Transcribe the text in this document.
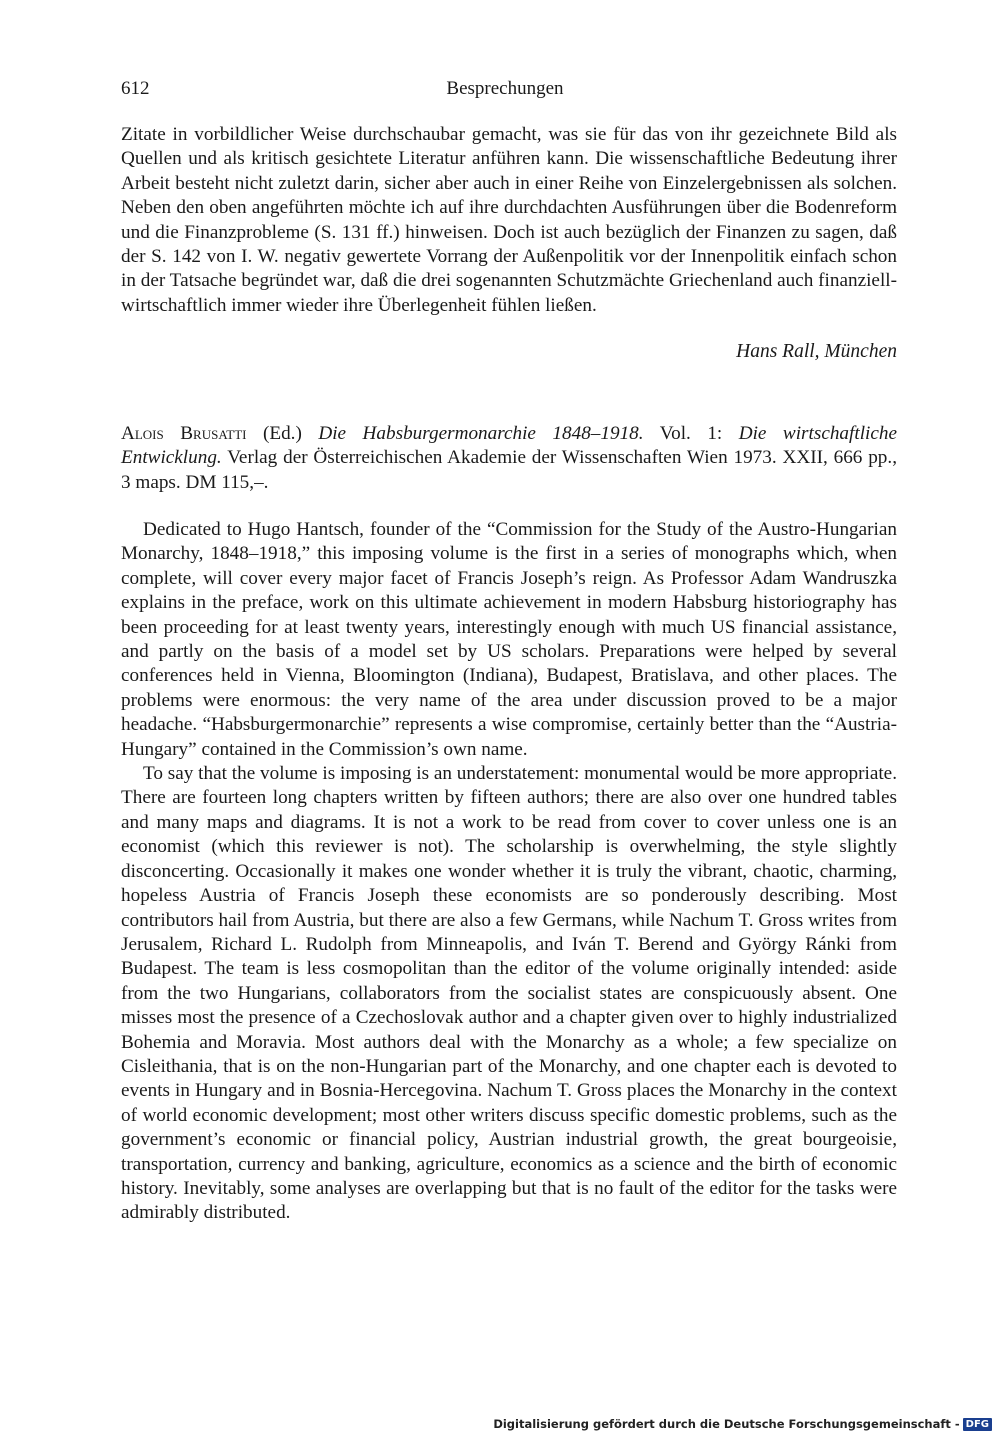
612	Besprechungen

Zitate in vorbildlicher Weise durchschaubar gemacht, was sie für das von ihr gezeichnete Bild als Quellen und als kritisch gesichtete Literatur anführen kann. Die wissenschaftliche Bedeutung ihrer Arbeit besteht nicht zuletzt darin, sicher aber auch in einer Reihe von Einzelergebnissen als solchen. Neben den oben angeführten möchte ich auf ihre durchdachten Ausführungen über die Bodenreform und die Finanzprobleme (S. 131 ff.) hinweisen. Doch ist auch bezüglich der Finanzen zu sagen, daß der S. 142 von I. W. negativ gewertete Vorrang der Außenpolitik vor der Innenpolitik einfach schon in der Tatsache begründet war, daß die drei sogenannten Schutzmächte Griechenland auch finanziell-wirtschaftlich immer wieder ihre Überlegenheit fühlen ließen.

Hans Rall, München

Alois Brusatti (Ed.) Die Habsburgermonarchie 1848–1918. Vol. 1: Die wirtschaftliche Entwicklung. Verlag der Österreichischen Akademie der Wissenschaften Wien 1973. XXII, 666 pp., 3 maps. DM 115,–.

Dedicated to Hugo Hantsch, founder of the “Commission for the Study of the Austro-Hungarian Monarchy, 1848–1918,” this imposing volume is the first in a series of monographs which, when complete, will cover every major facet of Francis Joseph’s reign. As Professor Adam Wandruszka explains in the preface, work on this ultimate achievement in modern Habsburg historiography has been proceeding for at least twenty years, interestingly enough with much US financial assistance, and partly on the basis of a model set by US scholars. Preparations were helped by several conferences held in Vienna, Bloomington (Indiana), Budapest, Bratislava, and other places. The problems were enormous: the very name of the area under discussion proved to be a major headache. “Habsburgermonarchie” represents a wise compromise, certainly better than the “Austria-Hungary” contained in the Commission’s own name.

To say that the volume is imposing is an understatement: monumental would be more appropriate. There are fourteen long chapters written by fifteen authors; there are also over one hundred tables and many maps and diagrams. It is not a work to be read from cover to cover unless one is an economist (which this reviewer is not). The scholarship is overwhelming, the style slightly disconcerting. Occasionally it makes one wonder whether it is truly the vibrant, chaotic, charming, hopeless Austria of Francis Joseph these economists are so ponderously describing. Most contributors hail from Austria, but there are also a few Germans, while Nachum T. Gross writes from Jerusalem, Richard L. Rudolph from Minneapolis, and Iván T. Berend and György Ránki from Budapest. The team is less cosmopolitan than the editor of the volume originally intended: aside from the two Hungarians, collaborators from the socialist states are conspicuously absent. One misses most the presence of a Czechoslovak author and a chapter given over to highly industrialized Bohemia and Moravia. Most authors deal with the Monarchy as a whole; a few specialize on Cisleithania, that is on the non-Hungarian part of the Monarchy, and one chapter each is devoted to events in Hungary and in Bosnia-Hercegovina. Nachum T. Gross places the Monarchy in the context of world economic development; most other writers discuss specific domestic problems, such as the government’s economic or financial policy, Austrian industrial growth, the great bourgeoisie, transportation, currency and banking, agriculture, economics as a science and the birth of economic history. Inevitably, some analyses are overlapping but that is no fault of the editor for the tasks were admirably distributed.

Digitalisierung gefördert durch die Deutsche Forschungsgemeinschaft - DFG
